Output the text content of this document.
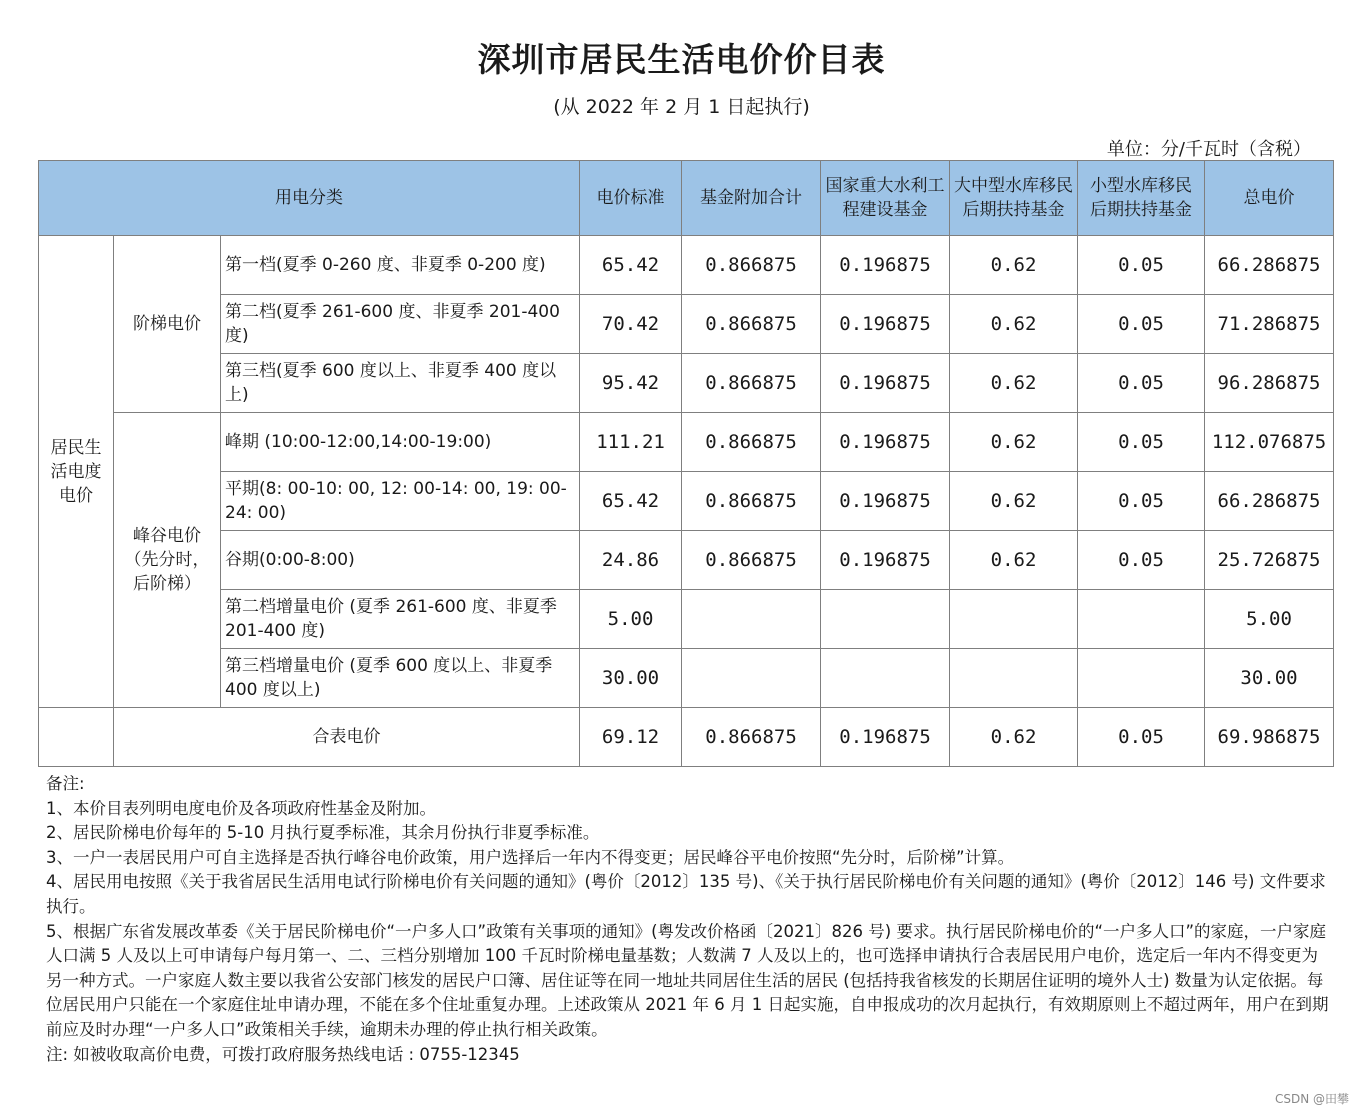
深圳市居民生活电价价目表
(从 2022 年 2 月 1 日起执行)
单位：分/千瓦时（含税）
用电分类			电价标准	基金附加合计	国家重大水利工程建设基金	大中型水库移民后期扶持基金	小型水库移民后期扶持基金	总电价
居民生活电度电价	阶梯电价	第一档(夏季 0-260 度、非夏季 0-200 度)	65.42	0.866875	0.196875	0.62	0.05	66.286875
		第二档(夏季 261-600 度、非夏季 201-400 度)	70.42	0.866875	0.196875	0.62	0.05	71.286875
		第三档(夏季 600 度以上、非夏季 400 度以上)	95.42	0.866875	0.196875	0.62	0.05	96.286875
	峰谷电价（先分时，后阶梯）	峰期 (10:00-12:00,14:00-19:00)	111.21	0.866875	0.196875	0.62	0.05	112.076875
		平期(8: 00-10: 00, 12: 00-14: 00, 19: 00-24: 00)	65.42	0.866875	0.196875	0.62	0.05	66.286875
		谷期(0:00-8:00)	24.86	0.866875	0.196875	0.62	0.05	25.726875
		第二档增量电价 (夏季 261-600 度、非夏季 201-400 度)	5.00					5.00
		第三档增量电价 (夏季 600 度以上、非夏季 400 度以上)	30.00					30.00
	合表电价		69.12	0.866875	0.196875	0.62	0.05	69.986875

备注:

1、本价目表列明电度电价及各项政府性基金及附加。

2、居民阶梯电价每年的 5-10 月执行夏季标准，其余月份执行非夏季标准。

3、一户一表居民用户可自主选择是否执行峰谷电价政策，用户选择后一年内不得变更；居民峰谷平电价按照“先分时，后阶梯”计算。

4、居民用电按照《关于我省居民生活用电试行阶梯电价有关问题的通知》(粤价〔2012〕135 号)、《关于执行居民阶梯电价有关问题的通知》(粤价〔2012〕146 号) 文件要求执行。

5、根据广东省发展改革委《关于居民阶梯电价“一户多人口”政策有关事项的通知》(粤发改价格函〔2021〕826 号) 要求。执行居民阶梯电价的“一户多人口”的家庭，一户家庭人口满 5 人及以上可申请每户每月第一、二、三档分别增加 100 千瓦时阶梯电量基数；人数满 7 人及以上的，也可选择申请执行合表居民用户电价，选定后一年内不得变更为另一种方式。一户家庭人数主要以我省公安部门核发的居民户口簿、居住证等在同一地址共同居住生活的居民 (包括持我省核发的长期居住证明的境外人士) 数量为认定依据。每位居民用户只能在一个家庭住址申请办理，不能在多个住址重复办理。上述政策从 2021 年 6 月 1 日起实施，自申报成功的次月起执行，有效期原则上不超过两年，用户在到期前应及时办理“一户多人口”政策相关手续，逾期未办理的停止执行相关政策。

注: 如被收取高价电费，可拨打政府服务热线电话 : 0755-12345

CSDN @田攀
